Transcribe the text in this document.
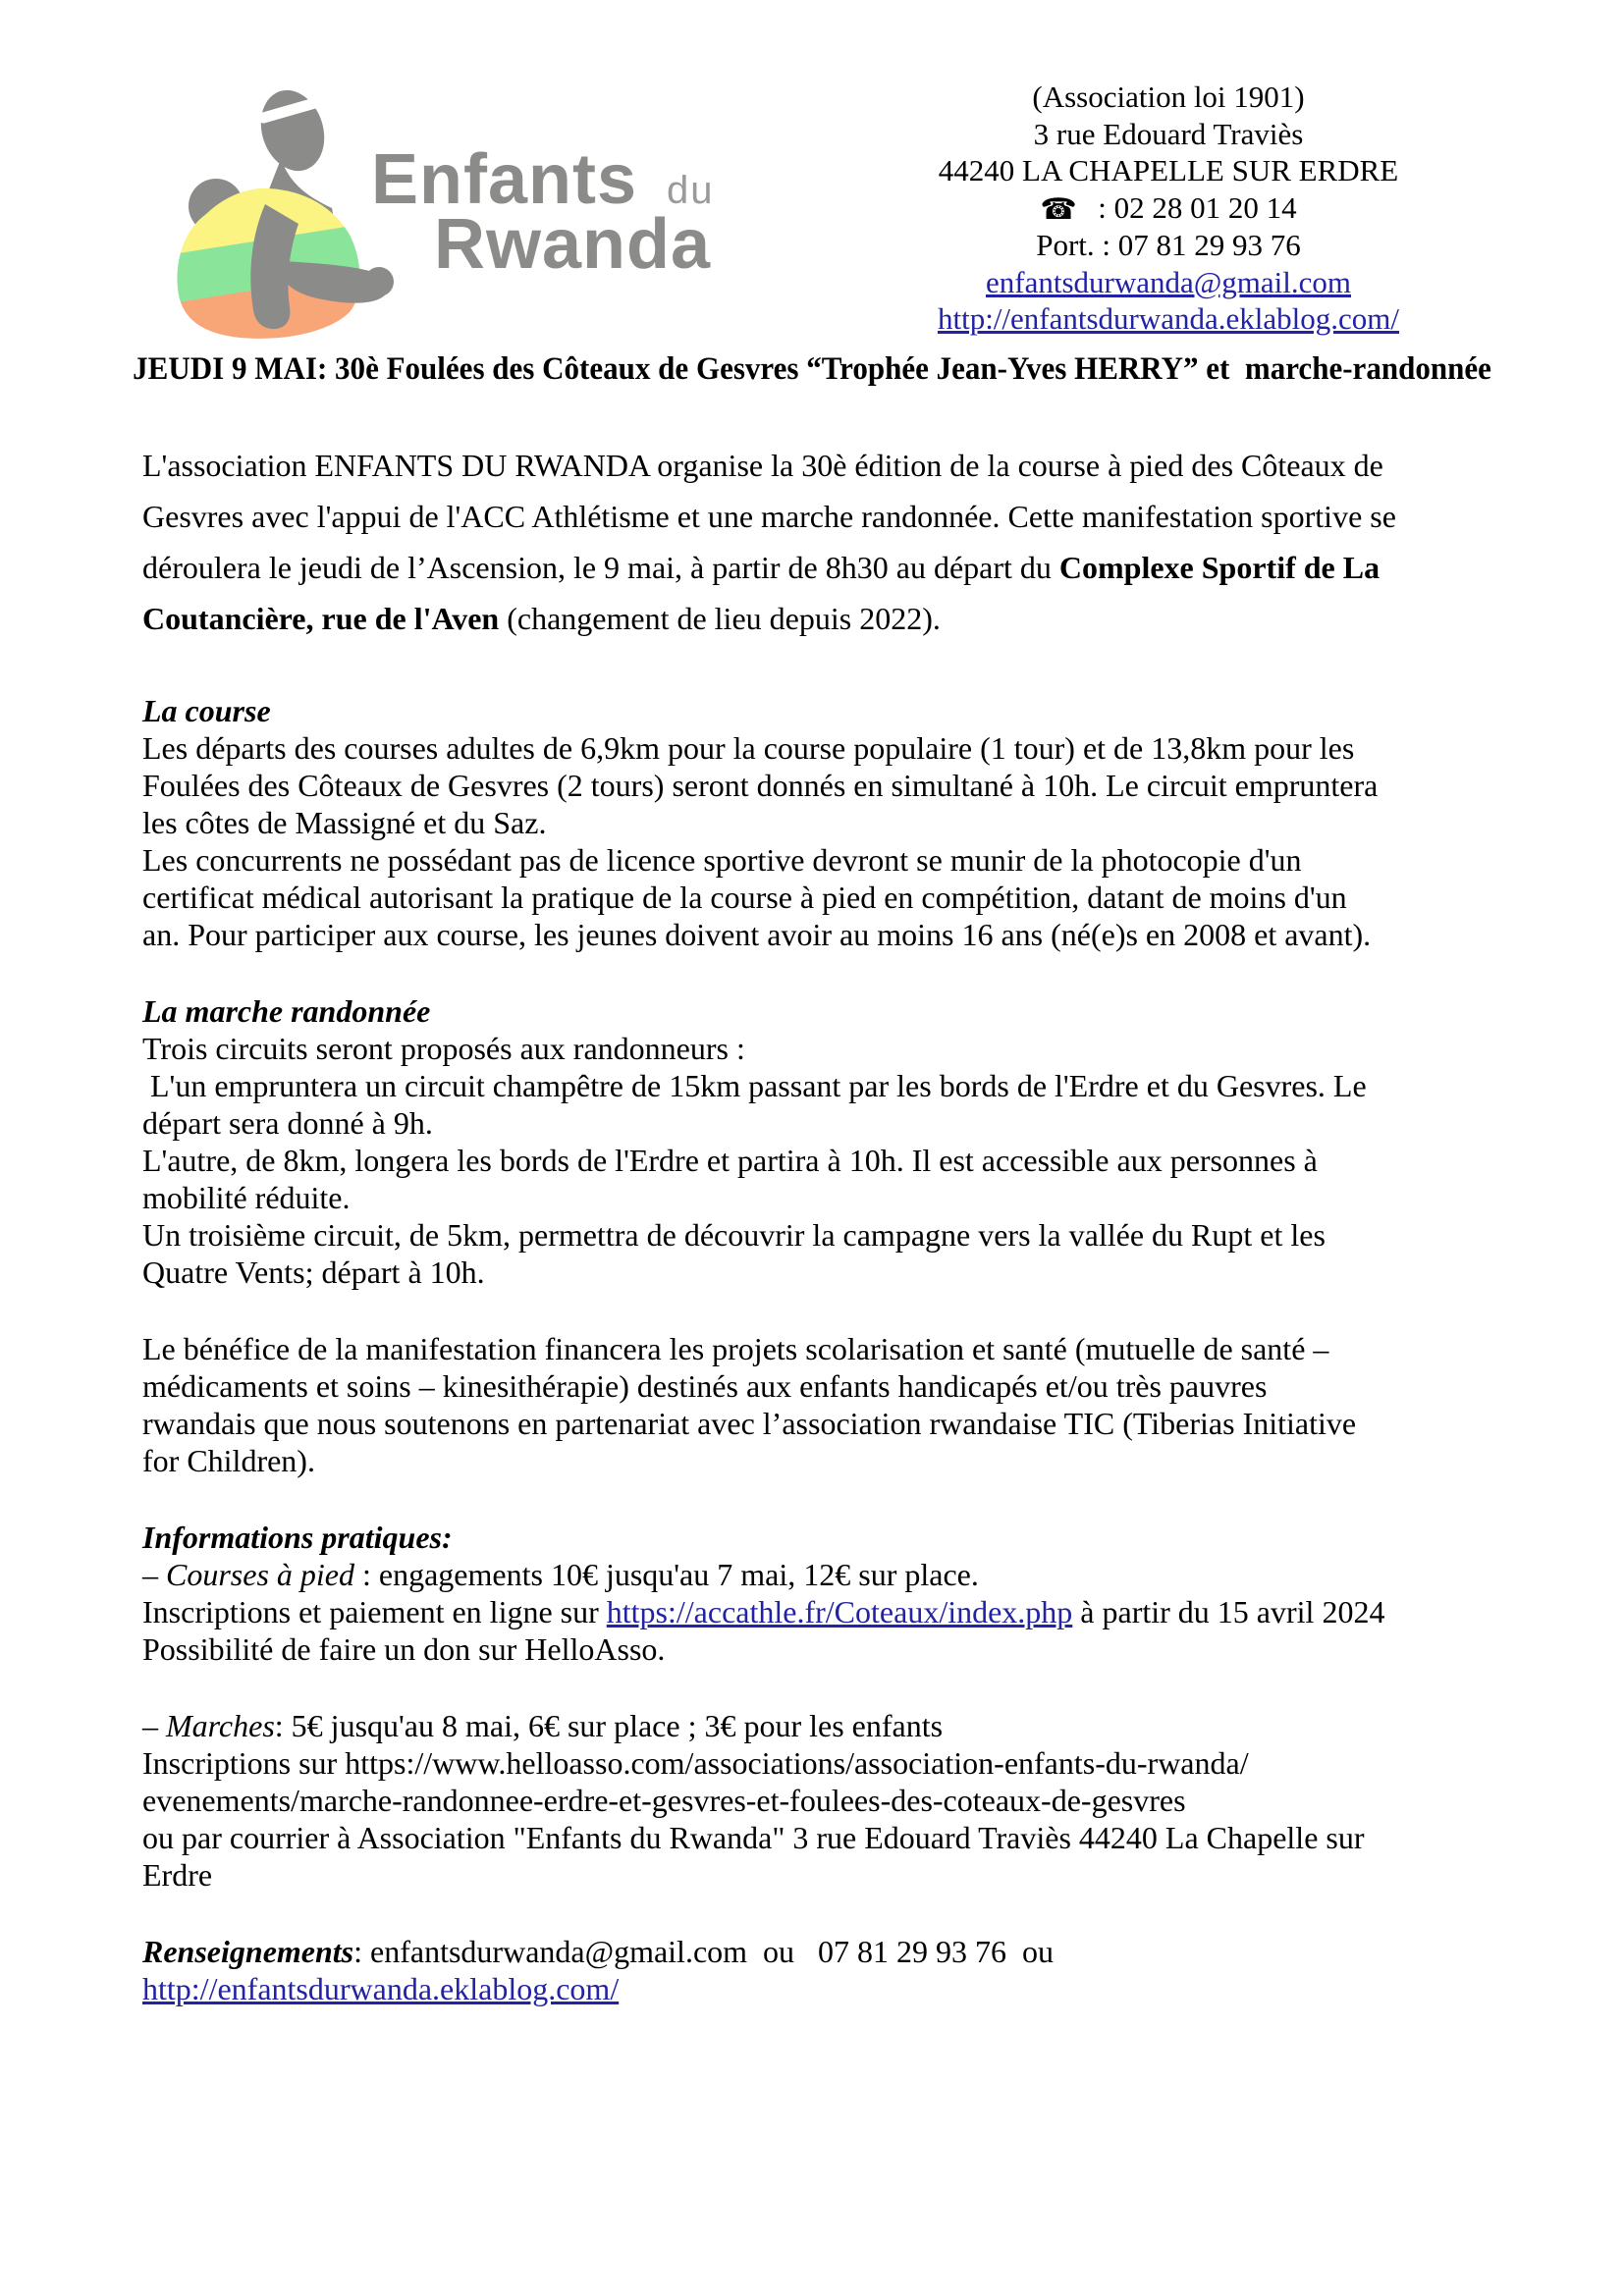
Enfants du
Rwanda
(Association loi 1901)
3 rue Edouard Traviès
44240 LA CHAPELLE SUR ERDRE
☎  : 02 28 01 20 14
Port. : 07 81 29 93 76
enfantsdurwanda@gmail.com
http://enfantsdurwanda.eklablog.com/
JEUDI 9 MAI: 30è Foulées des Côteaux de Gesvres “Trophée Jean-Yves HERRY” et  marche-randonnée
L'association ENFANTS DU RWANDA organise la 30è édition de la course à pied des Côteaux de
Gesvres avec l'appui de l'ACC Athlétisme et une marche randonnée. Cette manifestation sportive se
déroulera le jeudi de l’Ascension, le 9 mai, à partir de 8h30 au départ du Complexe Sportif de La
Coutancière, rue de l'Aven (changement de lieu depuis 2022).
La course
Les départs des courses adultes de 6,9km pour la course populaire (1 tour) et de 13,8km pour les
Foulées des Côteaux de Gesvres (2 tours) seront donnés en simultané à 10h. Le circuit empruntera
les côtes de Massigné et du Saz.
Les concurrents ne possédant pas de licence sportive devront se munir de la photocopie d'un
certificat médical autorisant la pratique de la course à pied en compétition, datant de moins d'un
an. Pour participer aux course, les jeunes doivent avoir au moins 16 ans (né(e)s en 2008 et avant).
La marche randonnée
Trois circuits seront proposés aux randonneurs :
L'un empruntera un circuit champêtre de 15km passant par les bords de l'Erdre et du Gesvres. Le
départ sera donné à 9h.
L'autre, de 8km, longera les bords de l'Erdre et partira à 10h. Il est accessible aux personnes à
mobilité réduite.
Un troisième circuit, de 5km, permettra de découvrir la campagne vers la vallée du Rupt et les
Quatre Vents; départ à 10h.
Le bénéfice de la manifestation financera les projets scolarisation et santé (mutuelle de santé –
médicaments et soins – kinesithérapie) destinés aux enfants handicapés et/ou très pauvres
rwandais que nous soutenons en partenariat avec l’association rwandaise TIC (Tiberias Initiative
for Children).
Informations pratiques:
– Courses à pied : engagements 10€ jusqu'au 7 mai, 12€ sur place.
Inscriptions et paiement en ligne sur https://accathle.fr/Coteaux/index.php à partir du 15 avril 2024
Possibilité de faire un don sur HelloAsso.
– Marches: 5€ jusqu'au 8 mai, 6€ sur place ; 3€ pour les enfants
Inscriptions sur https://www.helloasso.com/associations/association-enfants-du-rwanda/
evenements/marche-randonnee-erdre-et-gesvres-et-foulees-des-coteaux-de-gesvres
ou par courrier à Association "Enfants du Rwanda" 3 rue Edouard Traviès 44240 La Chapelle sur
Erdre
Renseignements: enfantsdurwanda@gmail.com  ou   07 81 29 93 76  ou
http://enfantsdurwanda.eklablog.com/
